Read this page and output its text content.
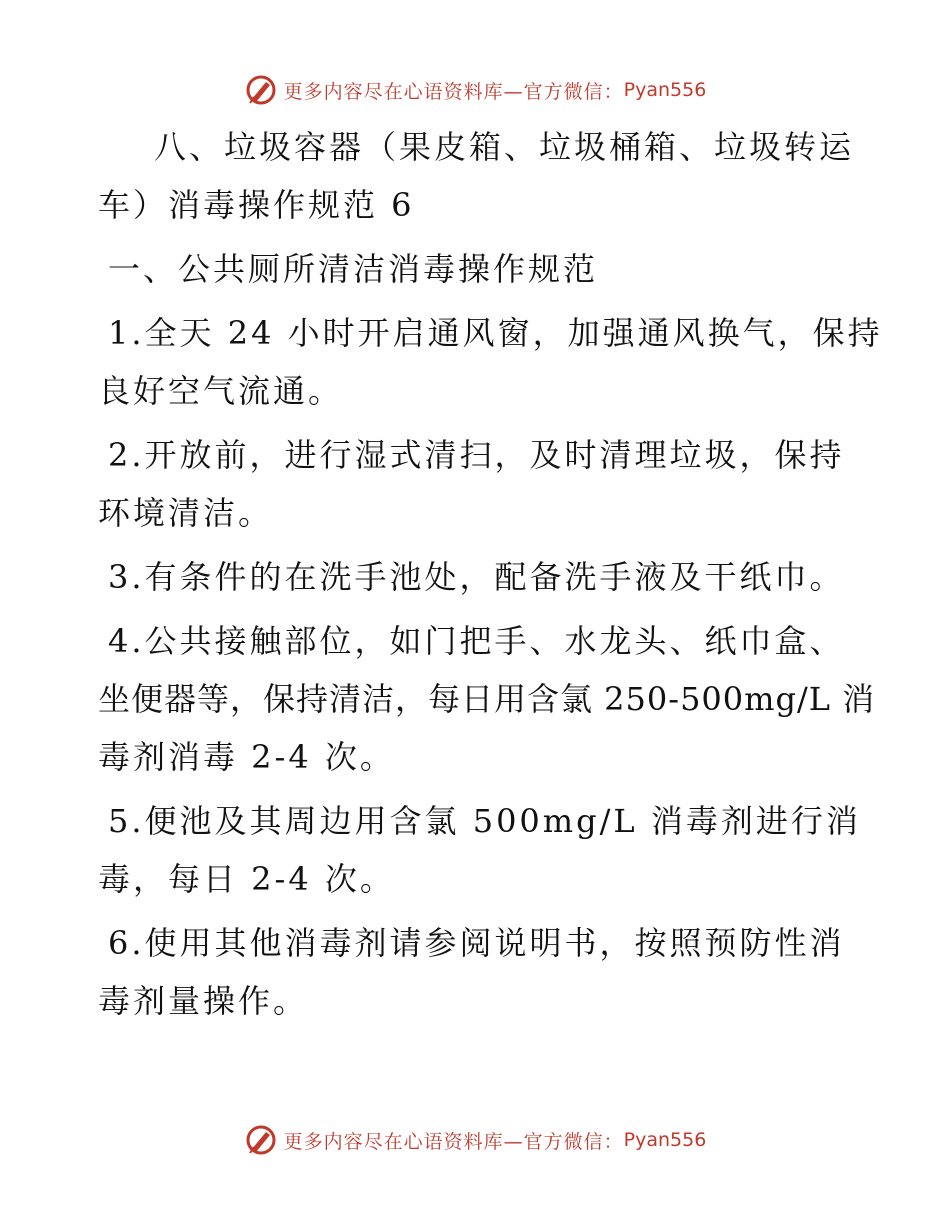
更多内容尽在心语资料库—官方微信： Pyan556
八、垃圾容器（果皮箱、垃圾桶箱、垃圾转运
车）消毒操作规范 6
一、公共厕所清洁消毒操作规范
1.全天 24 小时开启通风窗，加强通风换气，保持
良好空气流通。
2.开放前，进行湿式清扫，及时清理垃圾，保持
环境清洁。
3.有条件的在洗手池处，配备洗手液及干纸巾。
4.公共接触部位，如门把手、水龙头、纸巾盒、
坐便器等，保持清洁，每日用含氯 250-500mg/L 消
毒剂消毒 2-4 次。
5.便池及其周边用含氯 500mg/L 消毒剂进行消
毒，每日 2-4 次。
6.使用其他消毒剂请参阅说明书，按照预防性消
毒剂量操作。
更多内容尽在心语资料库—官方微信： Pyan556
